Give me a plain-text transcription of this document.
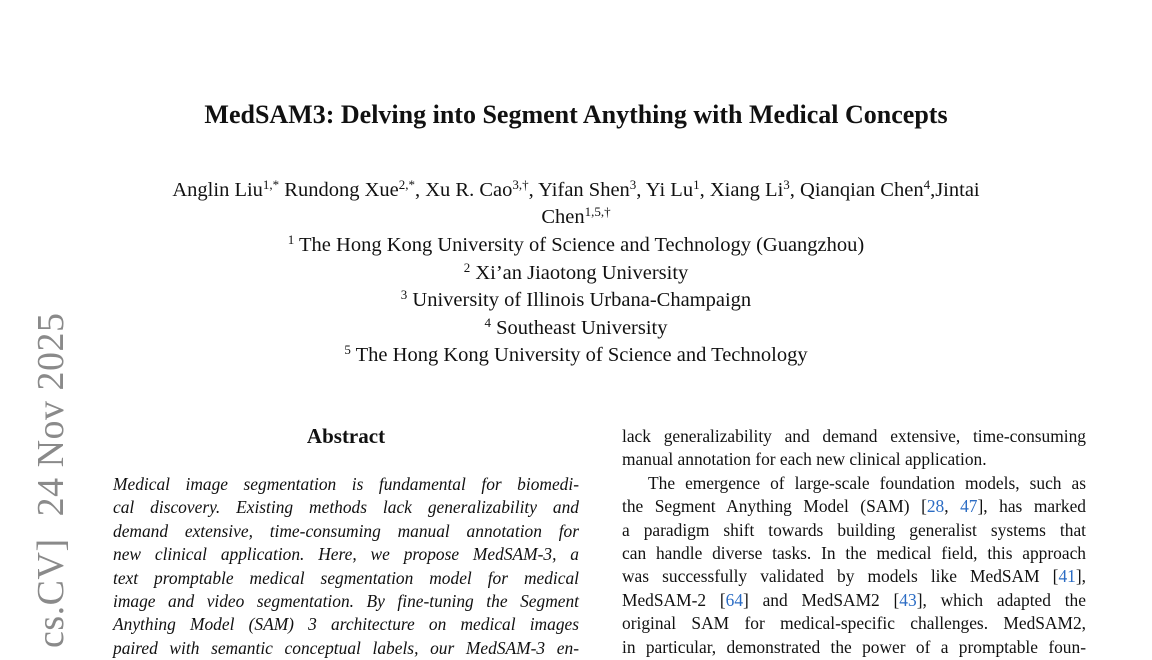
cs.CV]24 Nov 2025
MedSAM3: Delving into Segment Anything with Medical Concepts
Anglin Liu$^{1,*}$ Rundong Xue$^{2,*}$, Xu R. Cao$^{3,\dagger}$, Yifan Shen$^3$, Yi Lu$^1$, Xiang Li$^3$, Qianqian Chen$^4$,Jintai Chen$^{1,5,\dagger}$
$^1$ The Hong Kong University of Science and Technology (Guangzhou)
$^2$ Xi’an Jiaotong University
$^3$ University of Illinois Urbana-Champaign
$^4$ Southeast University
$^5$ The Hong Kong University of Science and Technology
Abstract
Medical image segmentation is fundamental for biomedi-
cal discovery. Existing methods lack generalizability and
demand extensive, time-consuming manual annotation for
new clinical application. Here, we propose MedSAM-3, a
text promptable medical segmentation model for medical
image and video segmentation. By fine-tuning the Segment
Anything Model (SAM) 3 architecture on medical images
paired with semantic conceptual labels, our MedSAM-3 en-
lack generalizability and demand extensive, time-consuming
manual annotation for each new clinical application.
The emergence of large-scale foundation models, such as
the Segment Anything Model (SAM) [28, 47], has marked
a paradigm shift towards building generalist systems that
can handle diverse tasks. In the medical field, this approach
was successfully validated by models like MedSAM [41],
MedSAM-2 [64] and MedSAM2 [43], which adapted the
original SAM for medical-specific challenges. MedSAM2,
in particular, demonstrated the power of a promptable foun-
